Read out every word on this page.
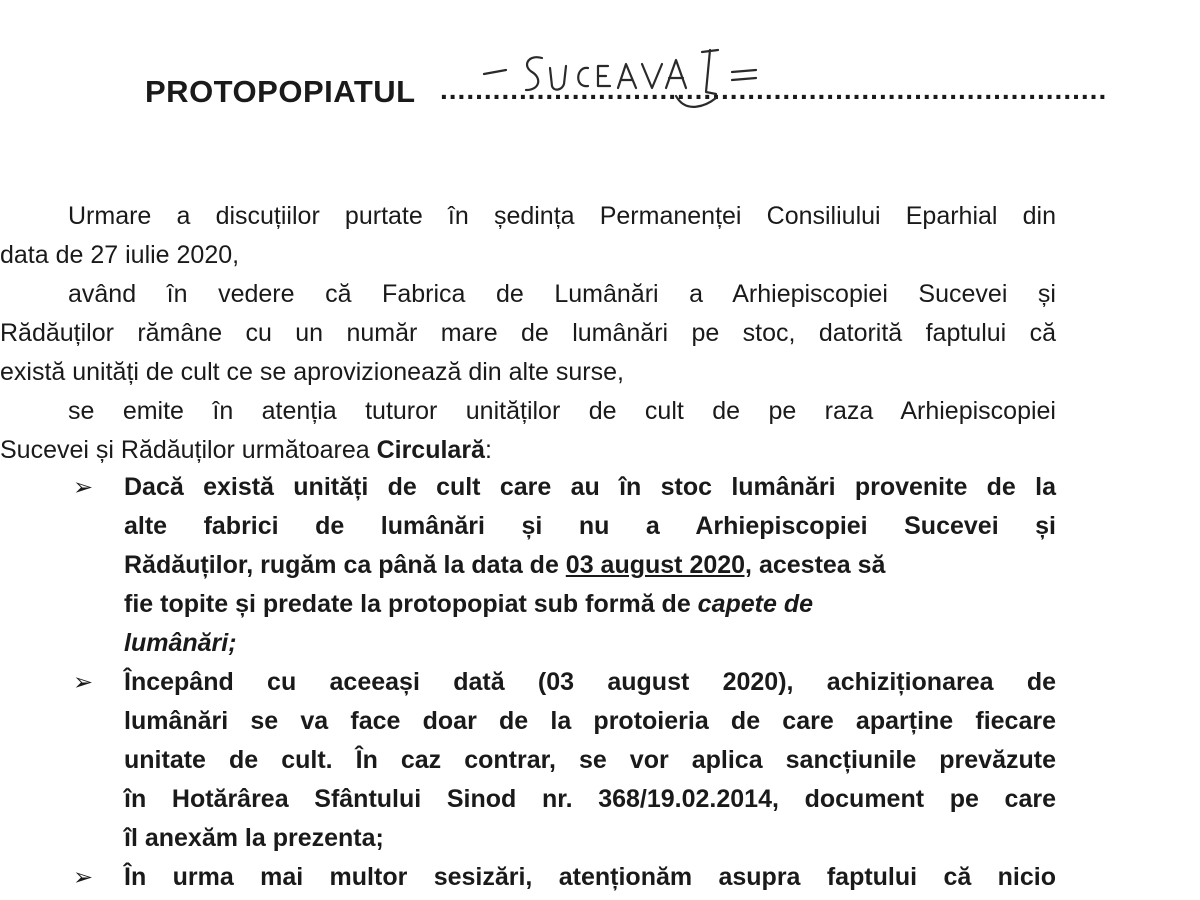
PROTOPOPIATUL ............................................................................
Urmare a discuțiilor purtate în ședința Permanenței Consiliului Eparhial din
data de 27 iulie 2020,
având în vedere că Fabrica de Lumânări a Arhiepiscopiei Sucevei și
Rădăuților rămâne cu un număr mare de lumânări pe stoc, datorită faptului că
există unități de cult ce se aprovizionează din alte surse,
se emite în atenția tuturor unităților de cult de pe raza Arhiepiscopiei
Sucevei și Rădăuților următoarea Circulară:
➢ Dacă există unități de cult care au în stoc lumânări provenite de la
alte fabrici de lumânări și nu a Arhiepiscopiei Sucevei și
Rădăuților, rugăm ca până la data de 03 august 2020, acestea să
fie topite și predate la protopopiat sub formă de capete de
lumânări;
➢ Începând cu aceeași dată (03 august 2020), achiziționarea de
lumânări se va face doar de la protoieria de care aparține fiecare
unitate de cult. În caz contrar, se vor aplica sancțiunile prevăzute
în Hotărârea Sfântului Sinod nr. 368/19.02.2014, document pe care
îl anexăm la prezenta;
➢ În urma mai multor sesizări, atenționăm asupra faptului că nicio
